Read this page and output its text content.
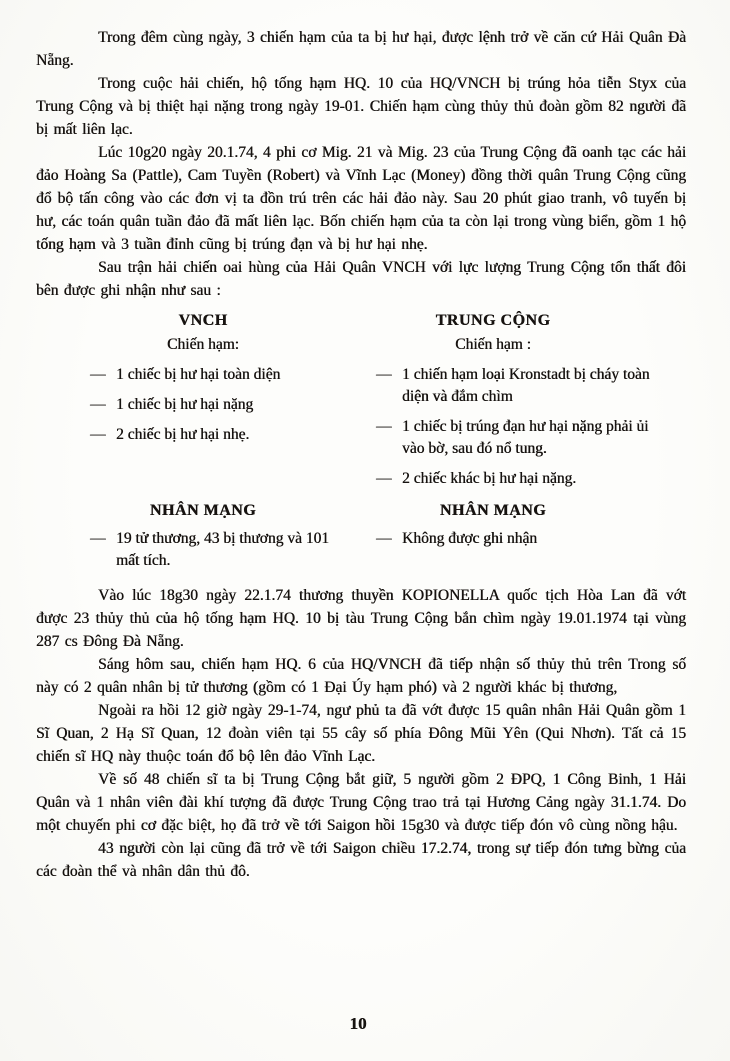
Trong đêm cùng ngày, 3 chiến hạm của ta bị hư hại, được lệnh trở về căn cứ Hải Quân Đà Nẵng.

Trong cuộc hải chiến, hộ tống hạm HQ. 10 của HQ/VNCH bị trúng hỏa tiễn Styx của Trung Cộng và bị thiệt hại nặng trong ngày 19-01. Chiến hạm cùng thủy thủ đoàn gồm 82 người đã bị mất liên lạc.

Lúc 10g20 ngày 20.1.74, 4 phi cơ Mig. 21 và Mig. 23 của Trung Cộng đã oanh tạc các hải đảo Hoàng Sa (Pattle), Cam Tuyền (Robert) và Vĩnh Lạc (Money) đồng thời quân Trung Cộng cũng đổ bộ tấn công vào các đơn vị ta đồn trú trên các hải đảo này. Sau 20 phút giao tranh, vô tuyến bị hư, các toán quân tuần đảo đã mất liên lạc. Bốn chiến hạm của ta còn lại trong vùng biển, gồm 1 hộ tống hạm và 3 tuần đỉnh cũng bị trúng đạn và bị hư hại nhẹ.

Sau trận hải chiến oai hùng của Hải Quân VNCH với lực lượng Trung Cộng tổn thất đôi bên được ghi nhận như sau :

VNCH
Chiến hạm:
— 1 chiếc bị hư hại toàn diện
— 1 chiếc bị hư hại nặng
— 2 chiếc bị hư hại nhẹ.
NHÂN MẠNG
— 19 tử thương, 43 bị thương và 101 mất tích.
TRUNG CỘNG
Chiến hạm :
— 1 chiến hạm loại Kronstadt bị cháy toàn diện và đắm chìm
— 1 chiếc bị trúng đạn hư hại nặng phải ủi vào bờ, sau đó nổ tung.
— 2 chiếc khác bị hư hại nặng.
NHÂN MẠNG
— Không được ghi nhận

Vào lúc 18g30 ngày 22.1.74 thương thuyền KOPIONELLA quốc tịch Hòa Lan đã vớt được 23 thủy thủ của hộ tống hạm HQ. 10 bị tàu Trung Cộng bắn chìm ngày 19.01.1974 tại vùng 287 cs Đông Đà Nẵng.

Sáng hôm sau, chiến hạm HQ. 6 của HQ/VNCH đã tiếp nhận số thủy thủ trên Trong số này có 2 quân nhân bị tử thương (gồm có 1 Đại Úy hạm phó) và 2 người khác bị thương,

Ngoài ra hồi 12 giờ ngày 29-1-74, ngư phủ ta đã vớt được 15 quân nhân Hải Quân gồm 1 Sĩ Quan, 2 Hạ Sĩ Quan, 12 đoàn viên tại 55 cây số phía Đông Mũi Yên (Qui Nhơn). Tất cả 15 chiến sĩ HQ này thuộc toán đổ bộ lên đảo Vĩnh Lạc.

Về số 48 chiến sĩ ta bị Trung Cộng bắt giữ, 5 người gồm 2 ĐPQ, 1 Công Binh, 1 Hải Quân và 1 nhân viên đài khí tượng đã được Trung Cộng trao trả tại Hương Cảng ngày 31.1.74. Do một chuyến phi cơ đặc biệt, họ đã trở về tới Saigon hồi 15g30 và được tiếp đón vô cùng nồng hậu.

43 người còn lại cũng đã trở về tới Saigon chiều 17.2.74, trong sự tiếp đón tưng bừng của các đoàn thể và nhân dân thủ đô.

10
